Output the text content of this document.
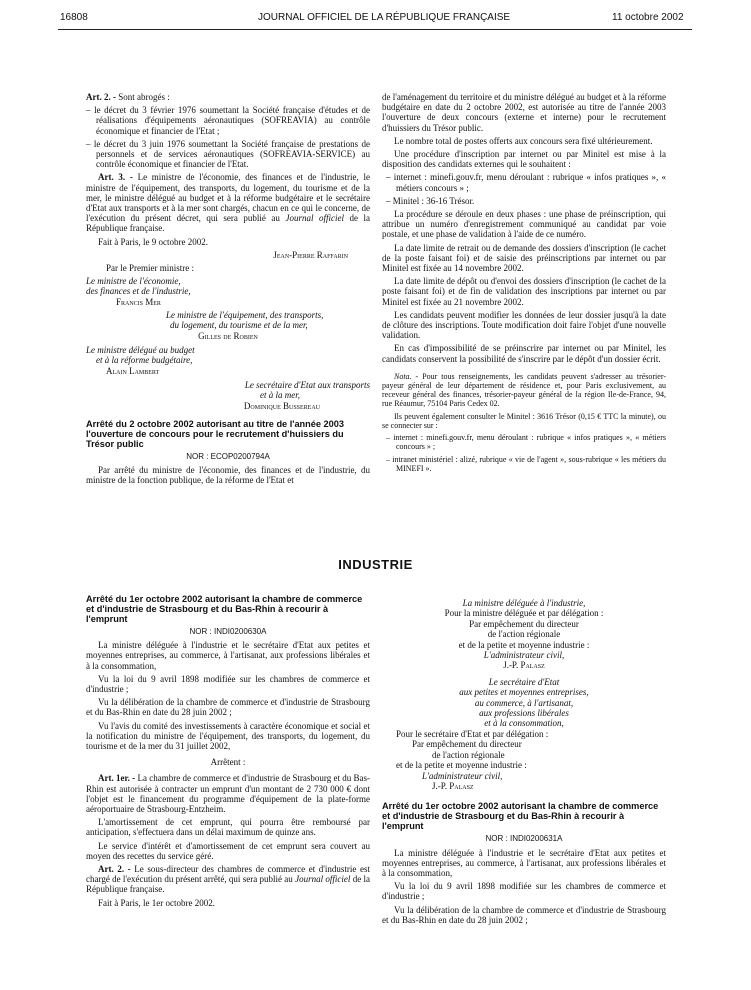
16808	JOURNAL OFFICIEL DE LA RÉPUBLIQUE FRANÇAISE	11 octobre 2002

Art. 2. - Sont abrogés :

– le décret du 3 février 1976 soumettant la Société française d'études et de réalisations d'équipements aéronautiques (SOFREAVIA) au contrôle économique et financier de l'Etat ;

– le décret du 3 juin 1976 soumettant la Société française de prestations de personnels et de services aéronautiques (SOFREAVIA-SERVICE) au contrôle économique et financier de l'Etat.

Art. 3. - Le ministre de l'économie, des finances et de l'industrie, le ministre de l'équipement, des transports, du logement, du tourisme et de la mer, le ministre délégué au budget et à la réforme budgétaire et le secrétaire d'Etat aux transports et à la mer sont chargés, chacun en ce qui le concerne, de l'exécution du présent décret, qui sera publié au Journal officiel de la République française.

Fait à Paris, le 9 octobre 2002.

Jean-Pierre Raffarin

Par le Premier ministre :

Le ministre de l'économie,
des finances et de l'industrie,

Francis Mer

Le ministre de l'équipement, des transports,
du logement, du tourisme et de la mer,

Gilles de Robien

Le ministre délégué au budget
et à la réforme budgétaire,

Alain Lambert

Le secrétaire d'Etat aux transports
et à la mer,

Dominique Bussereau

Arrêté du 2 octobre 2002 autorisant au titre de l'année 2003 l'ouverture de concours pour le recrutement d'huissiers du Trésor public

NOR : ECOP0200794A

Par arrêté du ministre de l'économie, des finances et de l'industrie, du ministre de la fonction publique, de la réforme de l'Etat et

de l'aménagement du territoire et du ministre délégué au budget et à la réforme budgétaire en date du 2 octobre 2002, est autorisée au titre de l'année 2003 l'ouverture de deux concours (externe et interne) pour le recrutement d'huissiers du Trésor public.

Le nombre total de postes offerts aux concours sera fixé ultérieurement.

Une procédure d'inscription par internet ou par Minitel est mise à la disposition des candidats externes qui le souhaitent :

– internet : minefi.gouv.fr, menu déroulant : rubrique « infos pratiques », « métiers concours » ;

– Minitel : 36-16 Trésor.

La procédure se déroule en deux phases : une phase de préinscription, qui attribue un numéro d'enregistrement communiqué au candidat par voie postale, et une phase de validation à l'aide de ce numéro.

La date limite de retrait ou de demande des dossiers d'inscription (le cachet de la poste faisant foi) et de saisie des préinscriptions par internet ou par Minitel est fixée au 14 novembre 2002.

La date limite de dépôt ou d'envoi des dossiers d'inscription (le cachet de la poste faisant foi) et de fin de validation des inscriptions par internet ou par Minitel est fixée au 21 novembre 2002.

Les candidats peuvent modifier les données de leur dossier jusqu'à la date de clôture des inscriptions. Toute modification doit faire l'objet d'une nouvelle validation.

En cas d'impossibilité de se préinscrire par internet ou par Minitel, les candidats conservent la possibilité de s'inscrire par le dépôt d'un dossier écrit.

Nota. - Pour tous renseignements, les candidats peuvent s'adresser au trésorier-payeur général de leur département de résidence et, pour Paris exclusivement, au receveur général des finances, trésorier-payeur général de la région Ile-de-France, 94, rue Réaumur, 75104 Paris Cedex 02.

Ils peuvent également consulter le Minitel : 3616 Trésor (0,15 € TTC la minute), ou se connecter sur :

– internet : minefi.gouv.fr, menu déroulant : rubrique « infos pratiques », « métiers concours » ;

– intranet ministériel : alizé, rubrique « vie de l'agent », sous-rubrique « les métiers du MINEFI ».

INDUSTRIE

Arrêté du 1er octobre 2002 autorisant la chambre de commerce et d'industrie de Strasbourg et du Bas-Rhin à recourir à l'emprunt

NOR : INDI0200630A

La ministre déléguée à l'industrie et le secrétaire d'Etat aux petites et moyennes entreprises, au commerce, à l'artisanat, aux professions libérales et à la consommation,

Vu la loi du 9 avril 1898 modifiée sur les chambres de commerce et d'industrie ;

Vu la délibération de la chambre de commerce et d'industrie de Strasbourg et du Bas-Rhin en date du 28 juin 2002 ;

Vu l'avis du comité des investissements à caractère économique et social et la notification du ministre de l'équipement, des transports, du logement, du tourisme et de la mer du 31 juillet 2002,

Arrêtent :

Art. 1er. - La chambre de commerce et d'industrie de Strasbourg et du Bas-Rhin est autorisée à contracter un emprunt d'un montant de 2 730 000 € dont l'objet est le financement du programme d'équipement de la plate-forme aéroportuaire de Strasbourg-Entzheim.

L'amortissement de cet emprunt, qui pourra être remboursé par anticipation, s'effectuera dans un délai maximum de quinze ans.

Le service d'intérêt et d'amortissement de cet emprunt sera couvert au moyen des recettes du service géré.

Art. 2. - Le sous-directeur des chambres de commerce et d'industrie est chargé de l'exécution du présent arrêté, qui sera publié au Journal officiel de la République française.

Fait à Paris, le 1er octobre 2002.

La ministre déléguée à l'industrie,
Pour la ministre déléguée et par délégation :
Par empêchement du directeur
de l'action régionale
et de la petite et moyenne industrie :
L'administrateur civil,
J.-P. Palasz
Le secrétaire d'Etat
aux petites et moyennes entreprises,
au commerce, à l'artisanat,
aux professions libérales
et à la consommation,
Pour le secrétaire d'Etat et par délégation :
Par empêchement du directeur
de l'action régionale
et de la petite et moyenne industrie :
L'administrateur civil,
J.-P. Palasz

Arrêté du 1er octobre 2002 autorisant la chambre de commerce et d'industrie de Strasbourg et du Bas-Rhin à recourir à l'emprunt

NOR : INDI0200631A

La ministre déléguée à l'industrie et le secrétaire d'Etat aux petites et moyennes entreprises, au commerce, à l'artisanat, aux professions libérales et à la consommation,

Vu la loi du 9 avril 1898 modifiée sur les chambres de commerce et d'industrie ;

Vu la délibération de la chambre de commerce et d'industrie de Strasbourg et du Bas-Rhin en date du 28 juin 2002 ;
